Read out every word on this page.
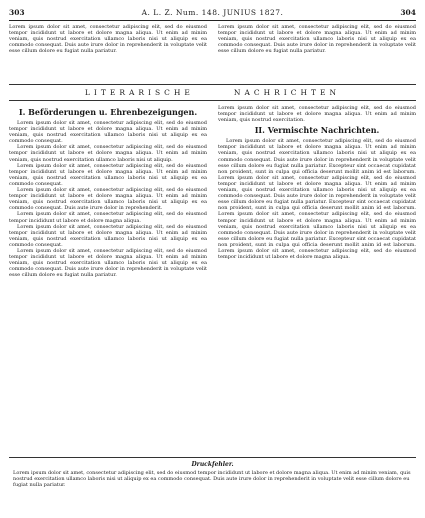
303	A. L. Z. Num. 148. JUNIUS 1827.	304

Lorem ipsum dolor sit amet, consectetur adipiscing elit, sed do eiusmod tempor incididunt ut labore et dolore magna aliqua. Ut enim ad minim veniam, quis nostrud exercitation ullamco laboris nisi ut aliquip ex ea commodo consequat. Duis aute irure dolor in reprehenderit in voluptate velit esse cillum dolore eu fugiat nulla pariatur.

Lorem ipsum dolor sit amet, consectetur adipiscing elit, sed do eiusmod tempor incididunt ut labore et dolore magna aliqua. Ut enim ad minim veniam, quis nostrud exercitation ullamco laboris nisi ut aliquip ex ea commodo consequat. Duis aute irure dolor in reprehenderit in voluptate velit esse cillum dolore eu fugiat nulla pariatur.

LITERARISCHE	NACHRICHTEN
I. Beförderungen u. Ehrenbezeigungen.

Lorem ipsum dolor sit amet, consectetur adipiscing elit, sed do eiusmod tempor incididunt ut labore et dolore magna aliqua. Ut enim ad minim veniam, quis nostrud exercitation ullamco laboris nisi ut aliquip ex ea commodo consequat.

Lorem ipsum dolor sit amet, consectetur adipiscing elit, sed do eiusmod tempor incididunt ut labore et dolore magna aliqua. Ut enim ad minim veniam, quis nostrud exercitation ullamco laboris nisi ut aliquip.

Lorem ipsum dolor sit amet, consectetur adipiscing elit, sed do eiusmod tempor incididunt ut labore et dolore magna aliqua. Ut enim ad minim veniam, quis nostrud exercitation ullamco laboris nisi ut aliquip ex ea commodo consequat.

Lorem ipsum dolor sit amet, consectetur adipiscing elit, sed do eiusmod tempor incididunt ut labore et dolore magna aliqua. Ut enim ad minim veniam, quis nostrud exercitation ullamco laboris nisi ut aliquip ex ea commodo consequat. Duis aute irure dolor in reprehenderit.

Lorem ipsum dolor sit amet, consectetur adipiscing elit, sed do eiusmod tempor incididunt ut labore et dolore magna aliqua.

Lorem ipsum dolor sit amet, consectetur adipiscing elit, sed do eiusmod tempor incididunt ut labore et dolore magna aliqua. Ut enim ad minim veniam, quis nostrud exercitation ullamco laboris nisi ut aliquip ex ea commodo consequat.

Lorem ipsum dolor sit amet, consectetur adipiscing elit, sed do eiusmod tempor incididunt ut labore et dolore magna aliqua. Ut enim ad minim veniam, quis nostrud exercitation ullamco laboris nisi ut aliquip ex ea commodo consequat. Duis aute irure dolor in reprehenderit in voluptate velit esse cillum dolore eu fugiat nulla pariatur.

Lorem ipsum dolor sit amet, consectetur adipiscing elit, sed do eiusmod tempor incididunt ut labore et dolore magna aliqua. Ut enim ad minim veniam, quis nostrud exercitation.

II. Vermischte Nachrichten.

Lorem ipsum dolor sit amet, consectetur adipiscing elit, sed do eiusmod tempor incididunt ut labore et dolore magna aliqua. Ut enim ad minim veniam, quis nostrud exercitation ullamco laboris nisi ut aliquip ex ea commodo consequat. Duis aute irure dolor in reprehenderit in voluptate velit esse cillum dolore eu fugiat nulla pariatur. Excepteur sint occaecat cupidatat non proident, sunt in culpa qui officia deserunt mollit anim id est laborum. Lorem ipsum dolor sit amet, consectetur adipiscing elit, sed do eiusmod tempor incididunt ut labore et dolore magna aliqua. Ut enim ad minim veniam, quis nostrud exercitation ullamco laboris nisi ut aliquip ex ea commodo consequat. Duis aute irure dolor in reprehenderit in voluptate velit esse cillum dolore eu fugiat nulla pariatur. Excepteur sint occaecat cupidatat non proident, sunt in culpa qui officia deserunt mollit anim id est laborum. Lorem ipsum dolor sit amet, consectetur adipiscing elit, sed do eiusmod tempor incididunt ut labore et dolore magna aliqua. Ut enim ad minim veniam, quis nostrud exercitation ullamco laboris nisi ut aliquip ex ea commodo consequat. Duis aute irure dolor in reprehenderit in voluptate velit esse cillum dolore eu fugiat nulla pariatur. Excepteur sint occaecat cupidatat non proident, sunt in culpa qui officia deserunt mollit anim id est laborum. Lorem ipsum dolor sit amet, consectetur adipiscing elit, sed do eiusmod tempor incididunt ut labore et dolore magna aliqua.

Druckfehler.

Lorem ipsum dolor sit amet, consectetur adipiscing elit, sed do eiusmod tempor incididunt ut labore et dolore magna aliqua. Ut enim ad minim veniam, quis nostrud exercitation ullamco laboris nisi ut aliquip ex ea commodo consequat. Duis aute irure dolor in reprehenderit in voluptate velit esse cillum dolore eu fugiat nulla pariatur.
